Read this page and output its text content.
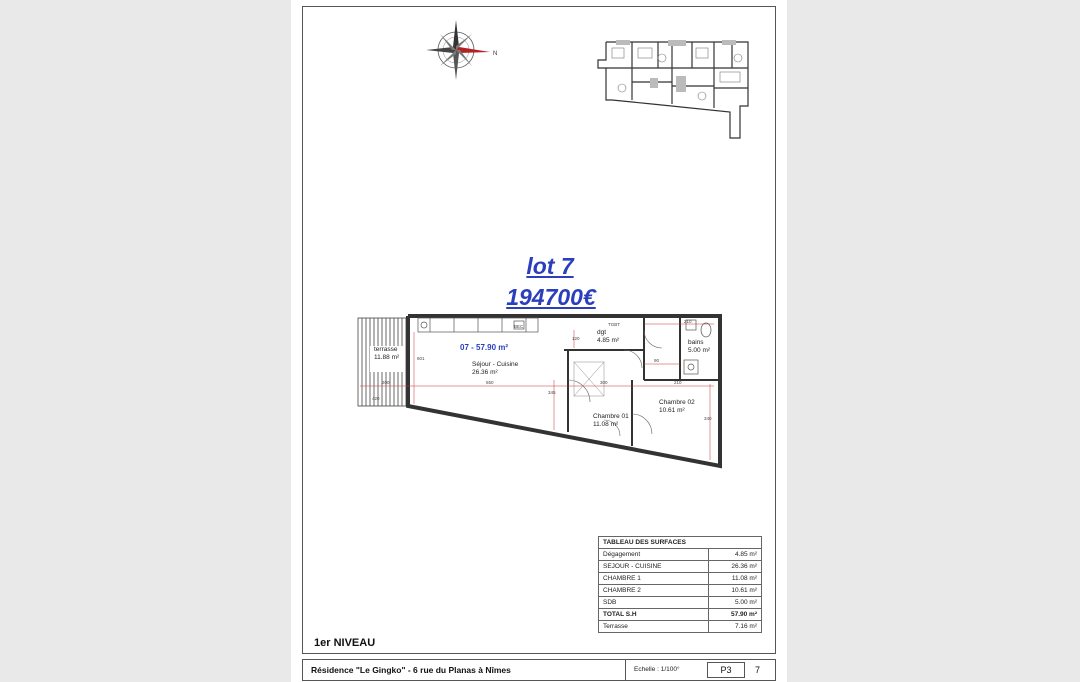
N
lot 7
194700€
200	650	300	210
210
340
601
345
120
90
420
BEC	TGBT
terrasse
11.88 m²
07 - 57.90 m²
Séjour - Cuisine
26.36 m²
dgt
4.85 m²	bains
5.00 m²
Chambre 01
11.08 m²
Chambre 02
10.61 m²
TABLEAU DES SURFACES	
Dégagement	4.85 m²
SEJOUR - CUISINE	26.36 m²
CHAMBRE 1	11.08 m²
CHAMBRE 2	10.61 m²
SDB	5.00 m²
TOTAL S.H	57.90 m²
Terrasse	7.16 m²
1er NIVEAU
Résidence "Le Gingko" - 6 rue du Planas à Nîmes	Echelle : 1/100°	P3	7
